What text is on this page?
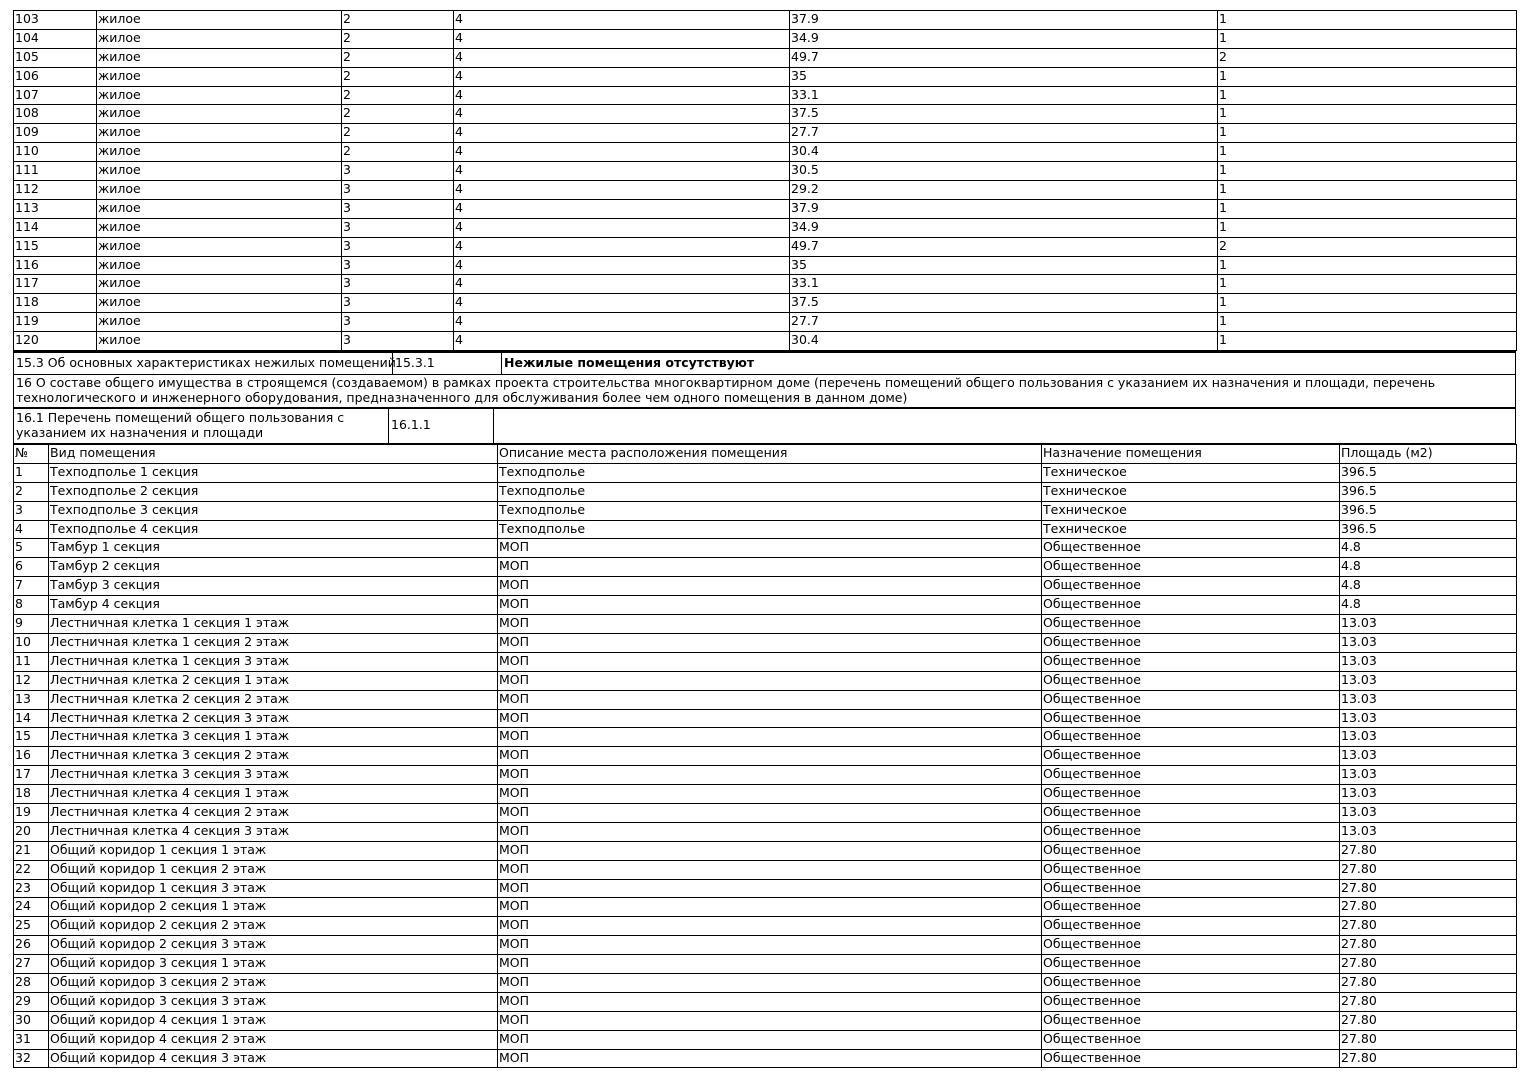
103	жилое	2	4	37.9	1
104	жилое	2	4	34.9	1
105	жилое	2	4	49.7	2
106	жилое	2	4	35	1
107	жилое	2	4	33.1	1
108	жилое	2	4	37.5	1
109	жилое	2	4	27.7	1
110	жилое	2	4	30.4	1
111	жилое	3	4	30.5	1
112	жилое	3	4	29.2	1
113	жилое	3	4	37.9	1
114	жилое	3	4	34.9	1
115	жилое	3	4	49.7	2
116	жилое	3	4	35	1
117	жилое	3	4	33.1	1
118	жилое	3	4	37.5	1
119	жилое	3	4	27.7	1
120	жилое	3	4	30.4	1
15.3 Об основных характеристиках нежилых помещений 15.3.1	Нежилые помещения отсутствуют
16 О составе общего имущества в строящемся (создаваемом) в рамках проекта строительства многоквартирном доме (перечень помещений общего пользования с указанием их назначения и площади, перечень технологического и инженерного оборудования, предназначенного для обслуживания более чем одного помещения в данном доме)
16.1 Перечень помещений общего пользования с указанием их назначения и площади
16.1.1
№	Вид помещения	Описание места расположения помещения	Назначение помещения	Площадь (м2)
1	Техподполье 1 секция	Техподполье	Техническое	396.5
2	Техподполье 2 секция	Техподполье	Техническое	396.5
3	Техподполье 3 секция	Техподполье	Техническое	396.5
4	Техподполье 4 секция	Техподполье	Техническое	396.5
5	Тамбур 1 секция	МОП	Общественное	4.8
6	Тамбур 2 секция	МОП	Общественное	4.8
7	Тамбур 3 секция	МОП	Общественное	4.8
8	Тамбур 4 секция	МОП	Общественное	4.8
9	Лестничная клетка 1 секция 1 этаж	МОП	Общественное	13.03
10	Лестничная клетка 1 секция 2 этаж	МОП	Общественное	13.03
11	Лестничная клетка 1 секция 3 этаж	МОП	Общественное	13.03
12	Лестничная клетка 2 секция 1 этаж	МОП	Общественное	13.03
13	Лестничная клетка 2 секция 2 этаж	МОП	Общественное	13.03
14	Лестничная клетка 2 секция 3 этаж	МОП	Общественное	13.03
15	Лестничная клетка 3 секция 1 этаж	МОП	Общественное	13.03
16	Лестничная клетка 3 секция 2 этаж	МОП	Общественное	13.03
17	Лестничная клетка 3 секция 3 этаж	МОП	Общественное	13.03
18	Лестничная клетка 4 секция 1 этаж	МОП	Общественное	13.03
19	Лестничная клетка 4 секция 2 этаж	МОП	Общественное	13.03
20	Лестничная клетка 4 секция 3 этаж	МОП	Общественное	13.03
21	Общий коридор 1 секция 1 этаж	МОП	Общественное	27.80
22	Общий коридор 1 секция 2 этаж	МОП	Общественное	27.80
23	Общий коридор 1 секция 3 этаж	МОП	Общественное	27.80
24	Общий коридор 2 секция 1 этаж	МОП	Общественное	27.80
25	Общий коридор 2 секция 2 этаж	МОП	Общественное	27.80
26	Общий коридор 2 секция 3 этаж	МОП	Общественное	27.80
27	Общий коридор 3 секция 1 этаж	МОП	Общественное	27.80
28	Общий коридор 3 секция 2 этаж	МОП	Общественное	27.80
29	Общий коридор 3 секция 3 этаж	МОП	Общественное	27.80
30	Общий коридор 4 секция 1 этаж	МОП	Общественное	27.80
31	Общий коридор 4 секция 2 этаж	МОП	Общественное	27.80
32	Общий коридор 4 секция 3 этаж	МОП	Общественное	27.80
